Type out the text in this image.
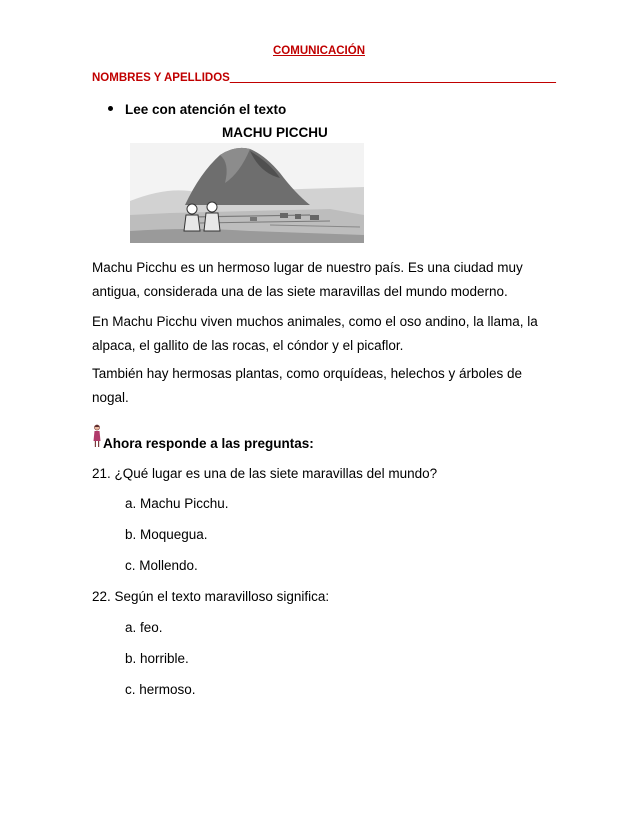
COMUNICACIÓN
NOMBRES Y APELLIDOS___________________________________________________
Lee con atención el texto
MACHU PICCHU
Machu Picchu es un hermoso lugar de nuestro país. Es una ciudad muy
antigua, considerada una de las siete maravillas del mundo moderno.
En Machu Picchu viven muchos animales, como el oso andino, la llama, la
alpaca, el gallito de las rocas, el cóndor y el picaflor.
También hay hermosas plantas, como orquídeas, helechos y árboles de
nogal.
Ahora responde a las preguntas:
21. ¿Qué lugar es una de las siete maravillas del mundo?
a. Machu Picchu.
b. Moquegua.
c. Mollendo.
22. Según el texto maravilloso significa:
a. feo.
b. horrible.
c. hermoso.
